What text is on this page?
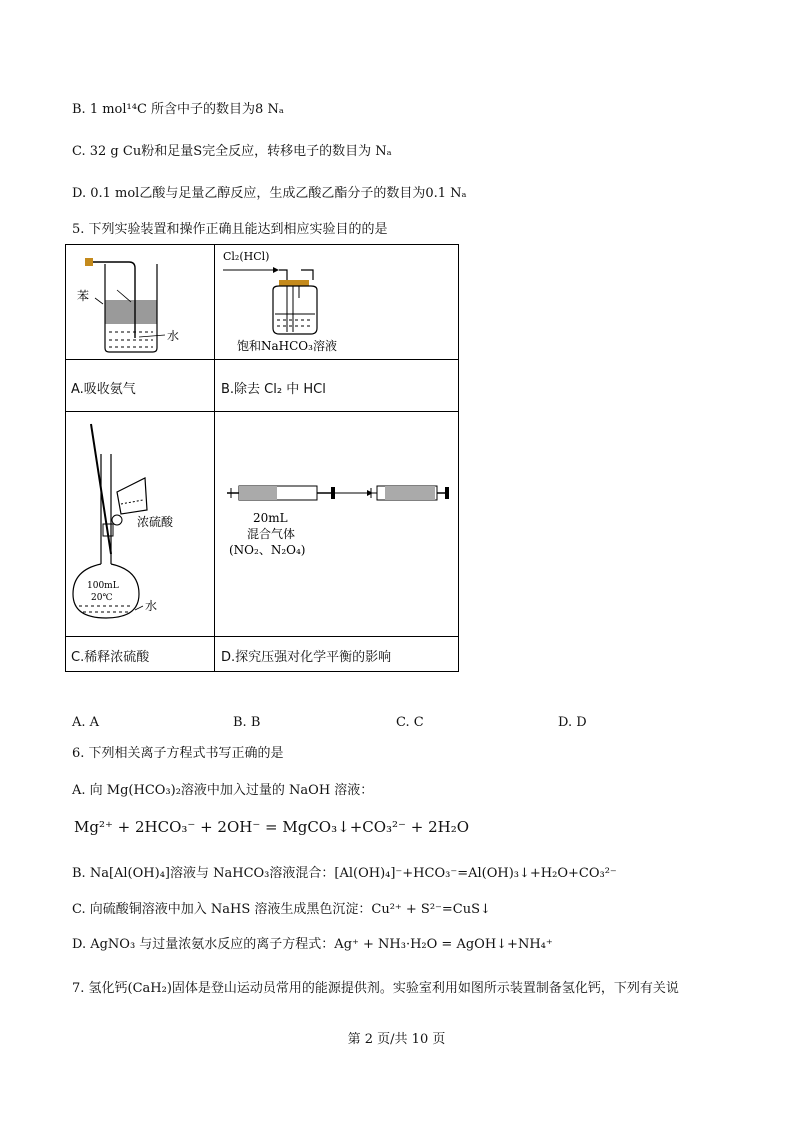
B. 1 mol¹⁴C 所含中子的数目为8 Nₐ
C. 32 g Cu粉和足量S完全反应，转移电子的数目为 Nₐ
D. 0.1 mol乙酸与足量乙醇反应，生成乙酸乙酯分子的数目为0.1 Nₐ
5. 下列实验装置和操作正确且能达到相应实验目的的是
苯
水
A.吸收氨气
Cl₂(HCl)
饱和NaHCO₃溶液
B.除去 Cl₂ 中 HCl
100mL
20℃
浓硫酸
水
C.稀释浓硫酸
20mL
混合气体
(NO₂、N₂O₄)
D.探究压强对化学平衡的影响
A. A	B. B	C. C	D. D
6. 下列相关离子方程式书写正确的是
A. 向 Mg(HCO₃)₂溶液中加入过量的 NaOH 溶液：
Mg²⁺ + 2HCO₃⁻ + 2OH⁻ = MgCO₃↓+CO₃²⁻ + 2H₂O
B. Na[Al(OH)₄]溶液与 NaHCO₃溶液混合：[Al(OH)₄]⁻+HCO₃⁻=Al(OH)₃↓+H₂O+CO₃²⁻
C. 向硫酸铜溶液中加入 NaHS 溶液生成黑色沉淀：Cu²⁺ + S²⁻=CuS↓
D. AgNO₃ 与过量浓氨水反应的离子方程式：Ag⁺ + NH₃·H₂O = AgOH↓+NH₄⁺
7. 氢化钙(CaH₂)固体是登山运动员常用的能源提供剂。实验室利用如图所示装置制备氢化钙，下列有关说
第 2 页/共 10 页
